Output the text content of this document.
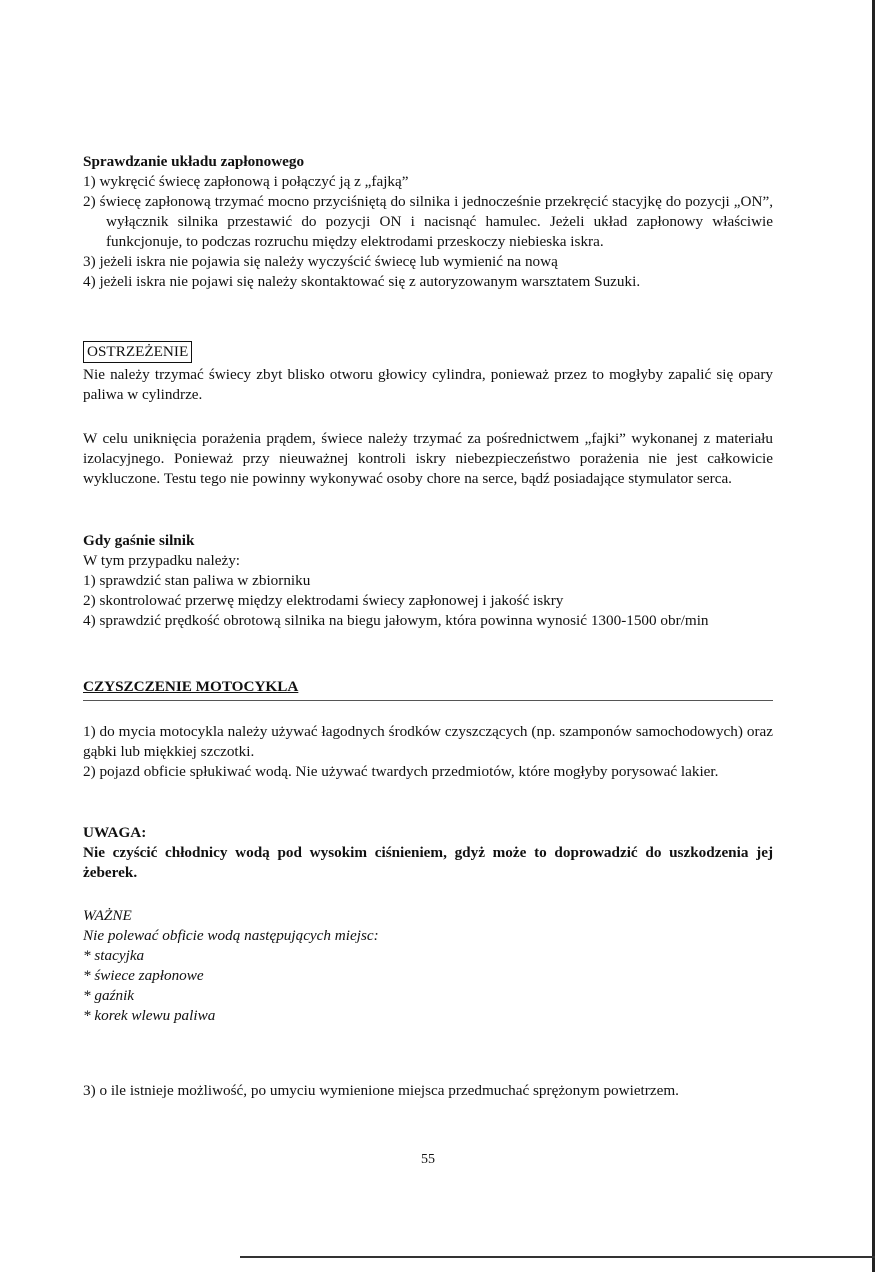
Sprawdzanie układu zapłonowego

1) wykręcić świecę zapłonową i połączyć ją z „fajką”

2) świecę zapłonową trzymać mocno przyciśniętą do silnika i jednocześnie przekręcić stacyjkę do pozycji „ON”, wyłącznik silnika przestawić do pozycji ON i nacisnąć hamulec. Jeżeli układ zapłonowy właściwie funkcjonuje, to podczas rozruchu między elektrodami przeskoczy niebieska iskra.

3) jeżeli iskra nie pojawia się należy wyczyścić świecę lub wymienić na nową

4) jeżeli iskra nie pojawi się należy skontaktować się z autoryzowanym warsztatem Suzuki.

OSTRZEŻENIE

Nie należy trzymać świecy zbyt blisko otworu głowicy cylindra, ponieważ przez to mogłyby zapalić się opary paliwa w cylindrze.

W celu uniknięcia porażenia prądem, świece należy trzymać za pośrednictwem „fajki” wykonanej z materiału izolacyjnego. Ponieważ przy nieuważnej kontroli iskry niebezpieczeństwo porażenia nie jest całkowicie wykluczone. Testu tego nie powinny wykonywać osoby chore na serce, bądź posiadające stymulator serca.

Gdy gaśnie silnik

W tym przypadku należy:

1) sprawdzić stan paliwa w zbiorniku

2) skontrolować przerwę między elektrodami świecy zapłonowej i jakość iskry

4) sprawdzić prędkość obrotową silnika na biegu jałowym, która powinna wynosić 1300-1500 obr/min

CZYSZCZENIE MOTOCYKLA

1) do mycia motocykla należy używać łagodnych środków czyszczących (np. szamponów samochodowych) oraz gąbki lub miękkiej szczotki.

2) pojazd obficie spłukiwać wodą. Nie używać twardych przedmiotów, które mogłyby porysować lakier.

UWAGA:

Nie czyścić chłodnicy wodą pod wysokim ciśnieniem, gdyż może to doprowadzić do uszkodzenia jej żeberek.

WAŻNE

Nie polewać obficie wodą następujących miejsc:

* stacyjka

* świece zapłonowe

* gaźnik

* korek wlewu paliwa

3) o ile istnieje możliwość, po umyciu wymienione miejsca przedmuchać sprężonym powietrzem.

55
